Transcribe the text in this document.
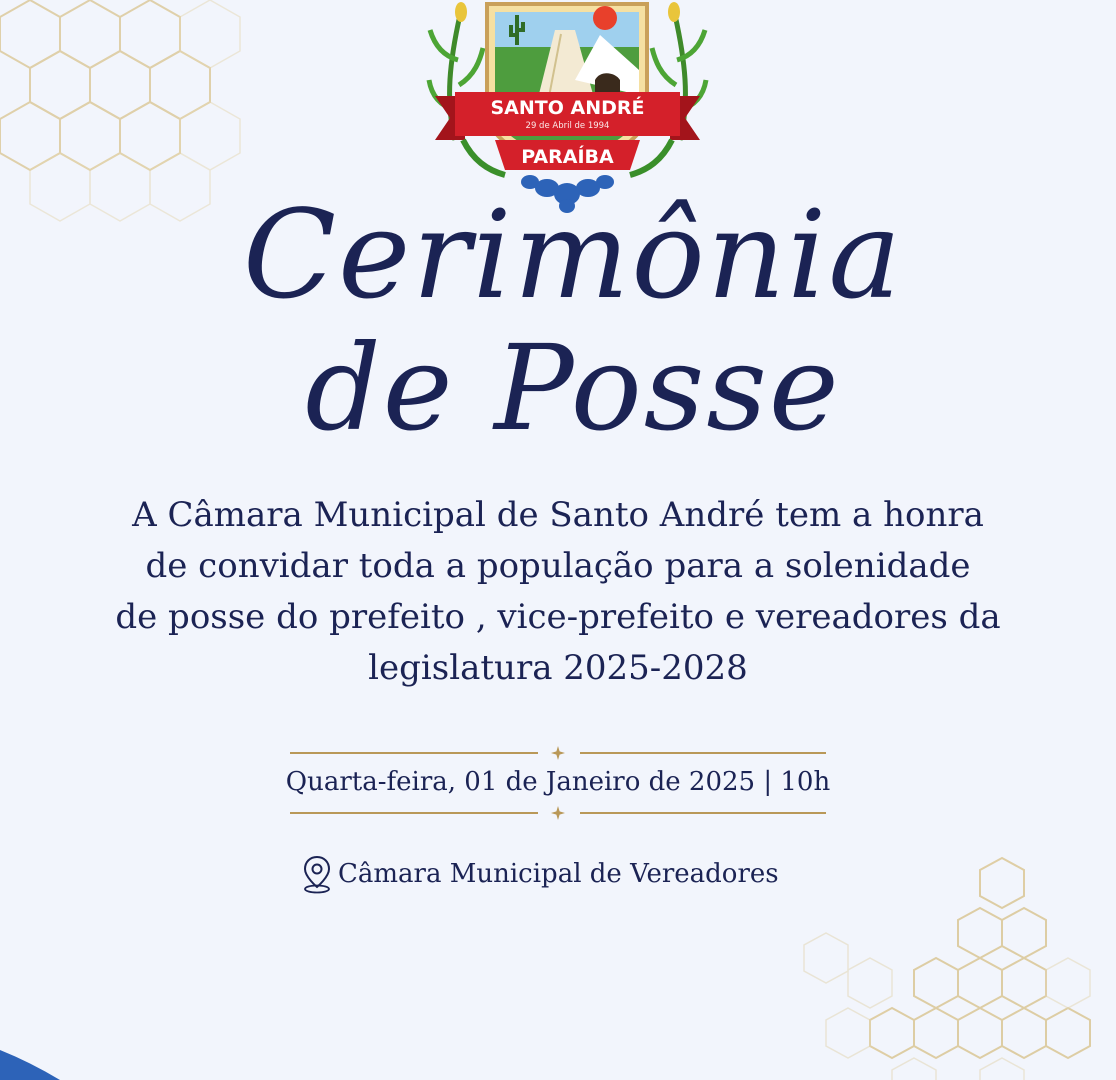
SANTO ANDRÉ
29 de Abril de 1994
PARAÍBA
Cerimônia
de Posse
A Câmara Municipal de Santo André tem a honra
de convidar toda a população para a solenidade
de posse do prefeito , vice-prefeito e vereadores da
legislatura 2025-2028
Quarta-feira, 01 de Janeiro de 2025 | 10h
Câmara Municipal de Vereadores
